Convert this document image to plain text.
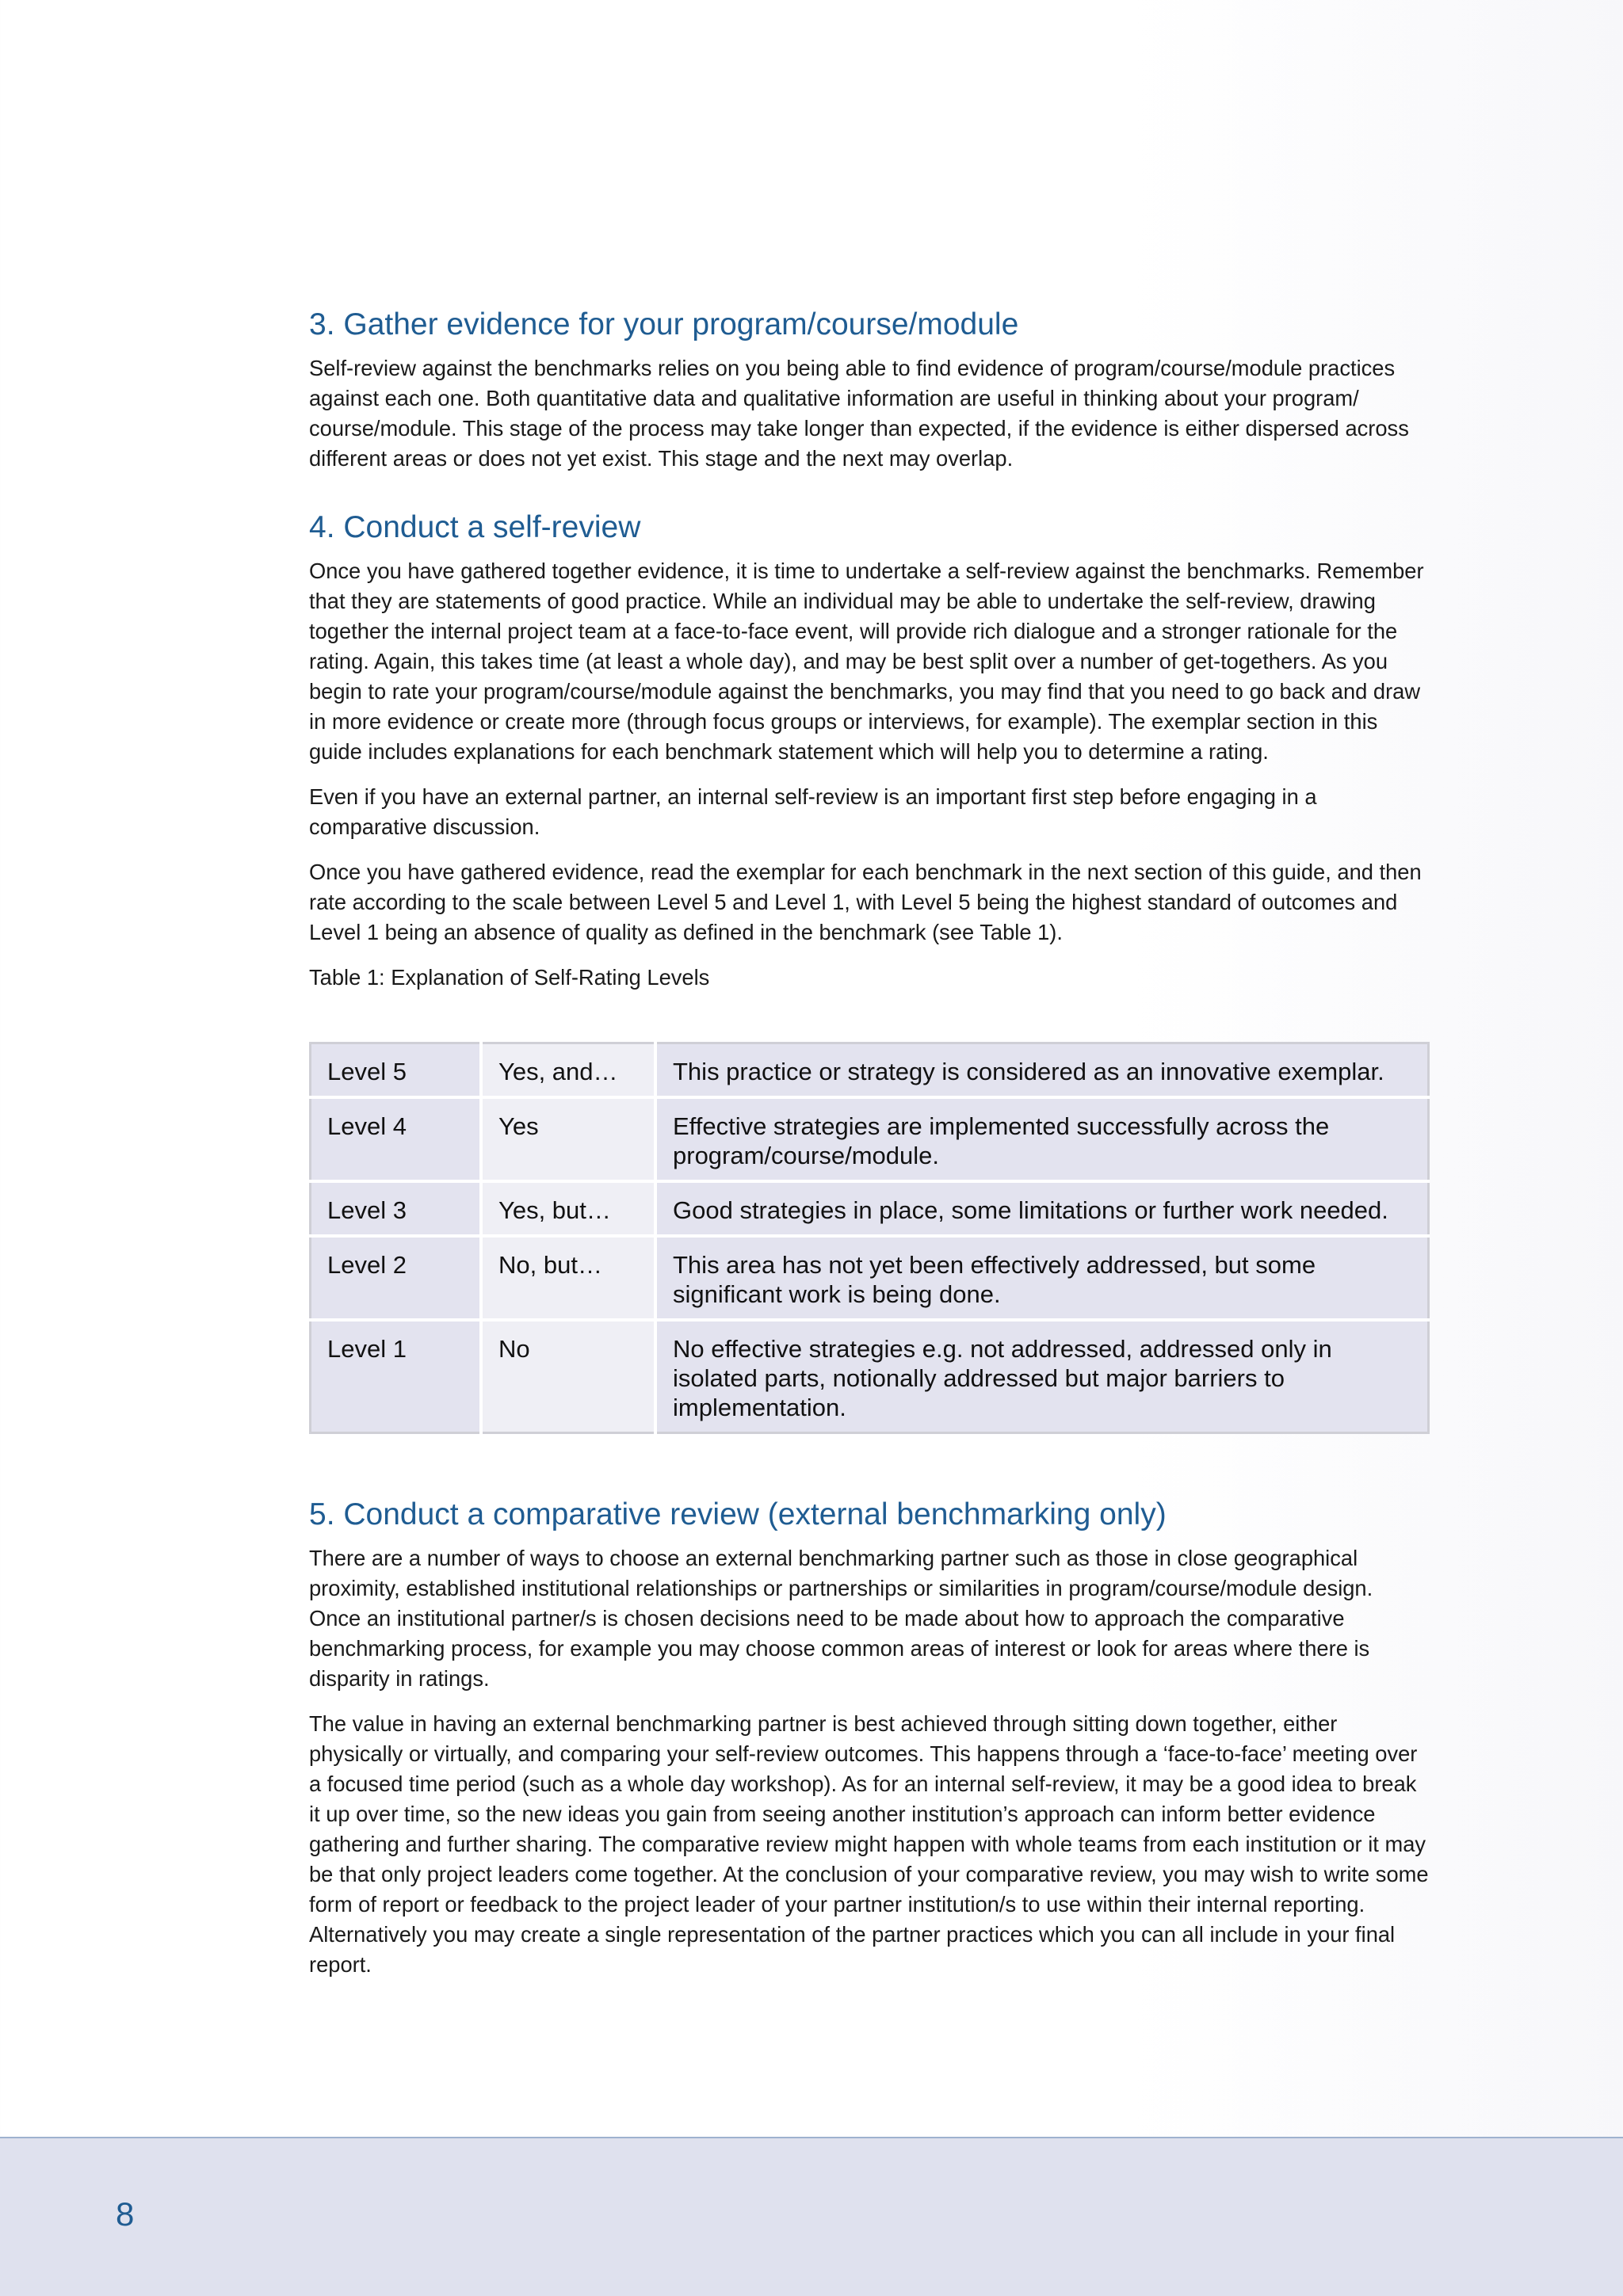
3. Gather evidence for your program/course/module

Self-review against the benchmarks relies on you being able to find evidence of program/course/module practices against each one. Both quantitative data and qualitative information are useful in thinking about your program/ course/module. This stage of the process may take longer than expected, if the evidence is either dispersed across different areas or does not yet exist. This stage and the next may overlap.

4. Conduct a self-review

Once you have gathered together evidence, it is time to undertake a self-review against the benchmarks. Remember that they are statements of good practice. While an individual may be able to undertake the self-review, drawing together the internal project team at a face-to-face event, will provide rich dialogue and a stronger rationale for the rating. Again, this takes time (at least a whole day), and may be best split over a number of get-togethers. As you begin to rate your program/course/module against the benchmarks, you may find that you need to go back and draw in more evidence or create more (through focus groups or interviews, for example). The exemplar section in this guide includes explanations for each benchmark statement which will help you to determine a rating.

Even if you have an external partner, an internal self-review is an important first step before engaging in a comparative discussion.

Once you have gathered evidence, read the exemplar for each benchmark in the next section of this guide, and then rate according to the scale between Level 5 and Level 1, with Level 5 being the highest standard of outcomes and Level 1 being an absence of quality as defined in the benchmark (see Table 1).

Table 1: Explanation of Self-Rating Levels
Level 5	Yes, and…	This practice or strategy is considered as an innovative exemplar.
Level 4	Yes	Effective strategies are implemented successfully across the program/course/module.
Level 3	Yes, but…	Good strategies in place, some limitations or further work needed.
Level 2	No, but…	This area has not yet been effectively addressed, but some significant work is being done.
Level 1	No	No effective strategies e.g. not addressed, addressed only in isolated parts, notionally addressed but major barriers to implementation.
5. Conduct a comparative review (external benchmarking only)

There are a number of ways to choose an external benchmarking partner such as those in close geographical proximity, established institutional relationships or partnerships or similarities in program/course/module design. Once an institutional partner/s is chosen decisions need to be made about how to approach the comparative benchmarking process, for example you may choose common areas of interest or look for areas where there is disparity in ratings.

The value in having an external benchmarking partner is best achieved through sitting down together, either physically or virtually, and comparing your self-review outcomes. This happens through a ‘face-to-face’ meeting over a focused time period (such as a whole day workshop). As for an internal self-review, it may be a good idea to break it up over time, so the new ideas you gain from seeing another institution’s approach can inform better evidence gathering and further sharing. The comparative review might happen with whole teams from each institution or it may be that only project leaders come together. At the conclusion of your comparative review, you may wish to write some form of report or feedback to the project leader of your partner institution/s to use within their internal reporting. Alternatively you may create a single representation of the partner practices which you can all include in your final report.

8
